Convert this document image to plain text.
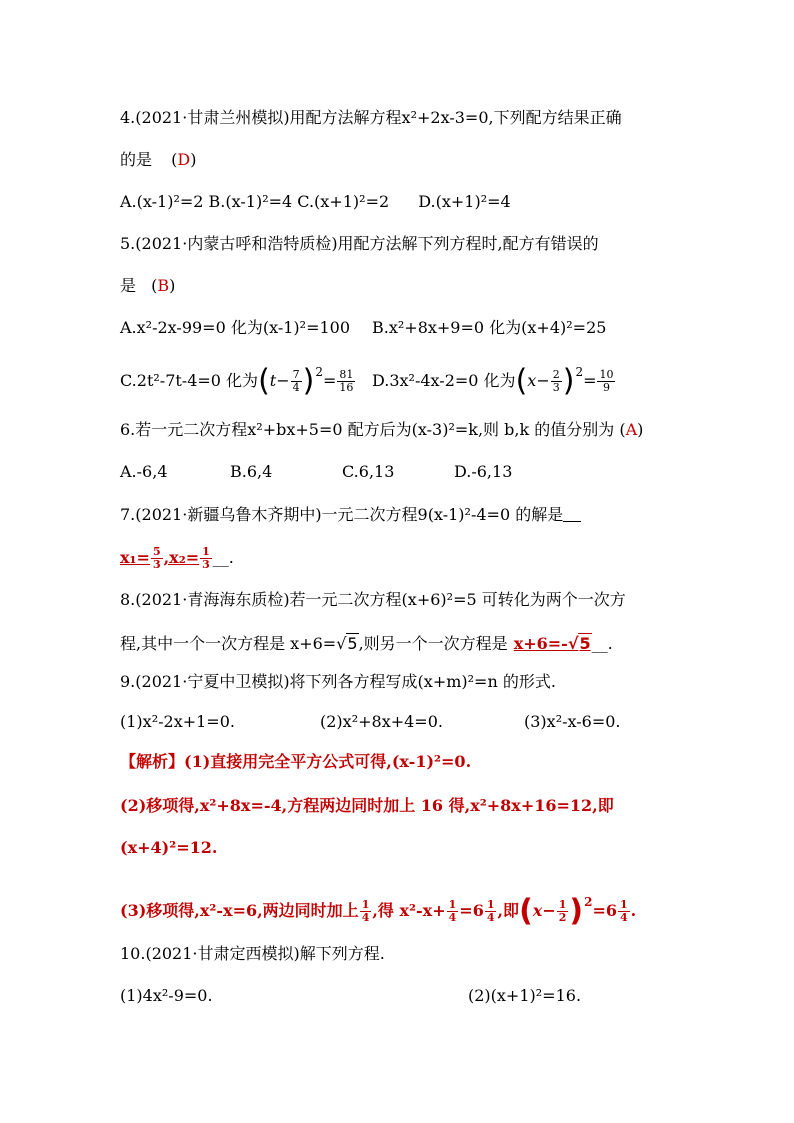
4.(2021·甘肃兰州模拟)用配方法解方程x²+2x-3=0,下列配方结果正确
的是 (D)
A.(x-1)²=2 B.(x-1)²=4 C.(x+1)²=2 D.(x+1)²=4
5.(2021·内蒙古呼和浩特质检)用配方法解下列方程时,配方有错误的
是 (B)
A.x²-2x-99=0 化为(x-1)²=100 B.x²+8x+9=0 化为(x+4)²=25
C.2t²-7t-4=0 化为$(t- \frac{7}{4} )2= \frac{81}{16} D.3x^2-4x-2=0$ 化为$(x- \frac{2}{3} )2= \frac{10}{9}$
6.若一元二次方程x²+bx+5=0 配方后为(x-3)²=k,则 b,k 的值分别为 (A)
A.-6,4	B.6,4	C.6,13	D.-6,13
7.(2021·新疆乌鲁木齐期中)一元二次方程9(x-1)²-4=0 的解是
$x_1= \frac{5}{3} ,x_2= \frac{1}{3}$ __.
8.(2021·青海海东质检)若一元二次方程(x+6)²=5 可转化为两个一次方
程,其中一个一次方程是 x+6=√5,则另一个一次方程是 x+6=-√5__.
9.(2021·宁夏中卫模拟)将下列各方程写成(x+m)²=n 的形式.
(1)x²-2x+1=0.	(2)x²+8x+4=0.	(3)x²-x-6=0.
【解析】(1)直接用完全平方公式可得,(x-1)²=0.
(2)移项得,x²+8x=-4,方程两边同时加上 16 得,x²+8x+16=12,即
(x+4)²=12.
(3)移项得,x²-x=6,两边同时加上 $\frac{1}{4}$ ,得 $x^2-x+ \frac{1}{4} =6 \frac{1}{4}$ ,即$(x- \frac{1}{2} )2=6 \frac{1}{4}$ .
10.(2021·甘肃定西模拟)解下列方程.
(1)4x²-9=0.	(2)(x+1)²=16.
